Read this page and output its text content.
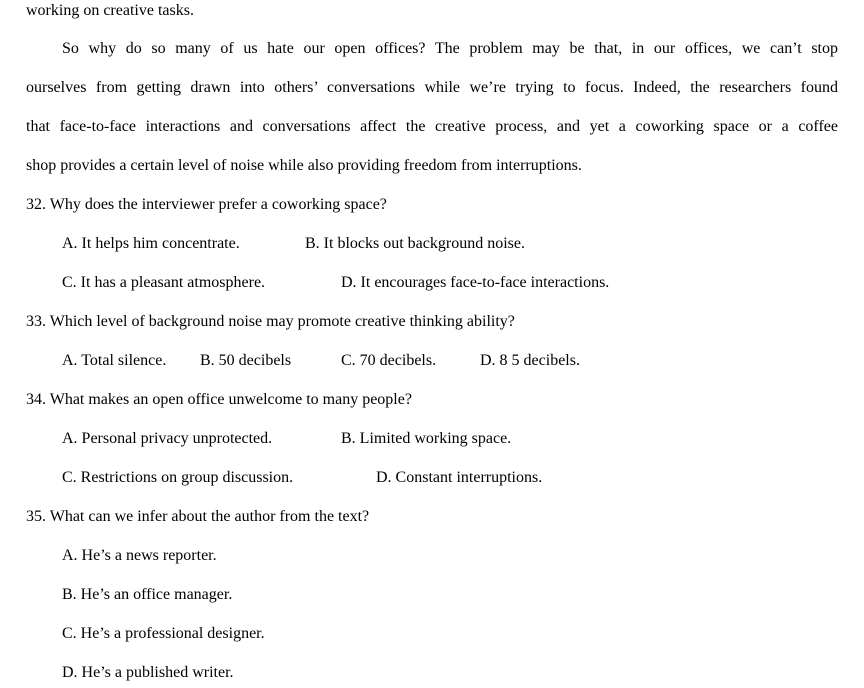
working on creative tasks.
So why do so many of us hate our open offices? The problem may be that, in our offices, we can’t stop
ourselves from getting drawn into others’ conversations while we’re trying to focus. Indeed, the researchers found
that face-to-face interactions and conversations affect the creative process, and yet a coworking space or a coffee
shop provides a certain level of noise while also providing freedom from interruptions.
32. Why does the interviewer prefer a coworking space?
A. It helps him concentrate.	B. It blocks out background noise.
C. It has a pleasant atmosphere.	D. It encourages face-to-face interactions.
33. Which level of background noise may promote creative thinking ability?
A. Total silence. B. 50 decibels	C. 70 decibels.	D. 8 5 decibels.
34. What makes an open office unwelcome to many people?
A. Personal privacy unprotected.	B. Limited working space.
C. Restrictions on group discussion.	D. Constant interruptions.
35. What can we infer about the author from the text?
A. He’s a news reporter.
B. He’s an office manager.
C. He’s a professional designer.
D. He’s a published writer.
